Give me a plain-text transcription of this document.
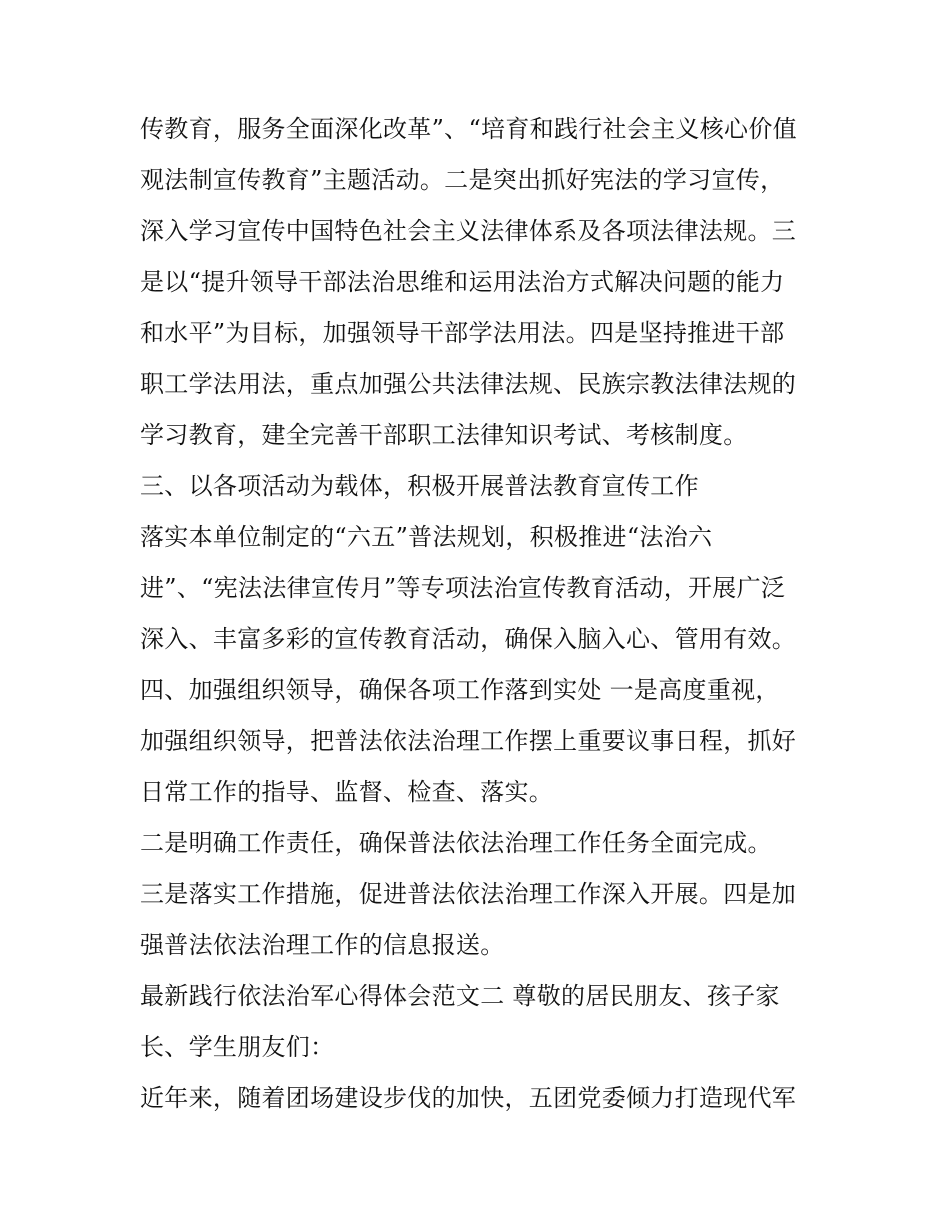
传教育，服务全面深化改革”、“培育和践行社会主义核心价值
观法制宣传教育”主题活动。二是突出抓好宪法的学习宣传，
深入学习宣传中国特色社会主义法律体系及各项法律法规。三
是以“提升领导干部法治思维和运用法治方式解决问题的能力
和水平”为目标，加强领导干部学法用法。四是坚持推进干部
职工学法用法，重点加强公共法律法规、民族宗教法律法规的
学习教育，建全完善干部职工法律知识考试、考核制度。
三、以各项活动为载体，积极开展普法教育宣传工作
落实本单位制定的“六五”普法规划，积极推进“法治六
进”、“宪法法律宣传月”等专项法治宣传教育活动，开展广泛
深入、丰富多彩的宣传教育活动，确保入脑入心、管用有效。
四、加强组织领导，确保各项工作落到实处 一是高度重视，
加强组织领导，把普法依法治理工作摆上重要议事日程，抓好
日常工作的指导、监督、检查、落实。
二是明确工作责任，确保普法依法治理工作任务全面完成。
三是落实工作措施，促进普法依法治理工作深入开展。四是加
强普法依法治理工作的信息报送。
最新践行依法治军心得体会范文二 尊敬的居民朋友、孩子家
长、学生朋友们：
近年来，随着团场建设步伐的加快，五团党委倾力打造现代军
